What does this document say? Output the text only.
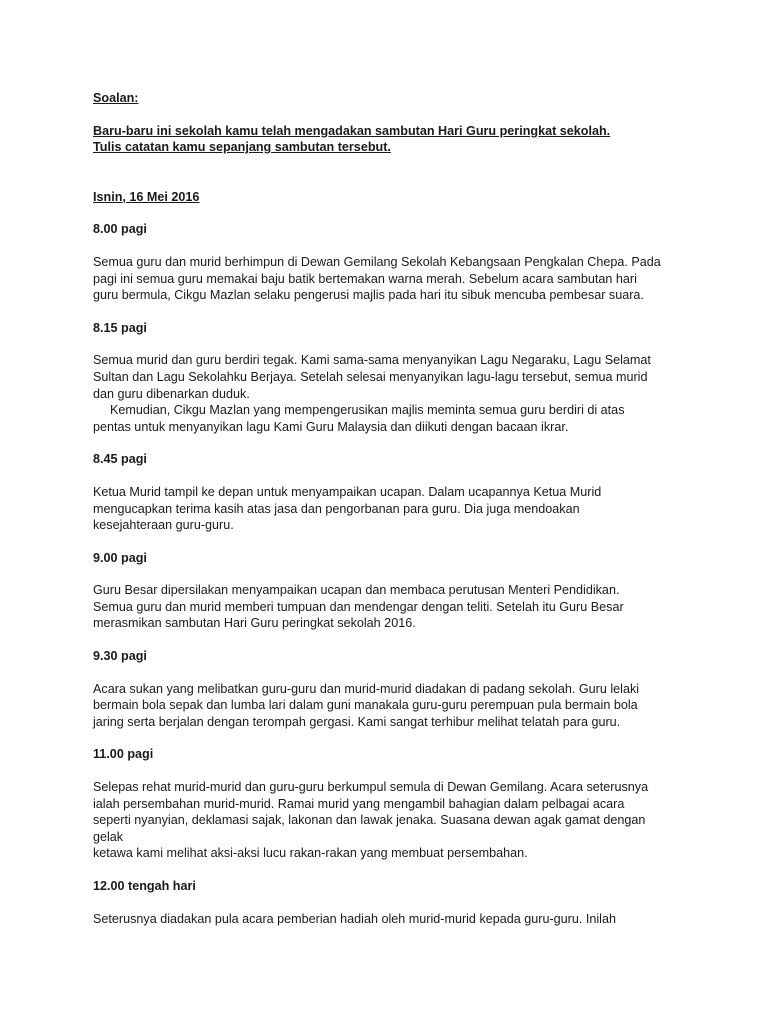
Soalan:

Baru-baru ini sekolah kamu telah mengadakan sambutan Hari Guru peringkat sekolah.

Tulis catatan kamu sepanjang sambutan tersebut.

Isnin, 16 Mei 2016

8.00 pagi

Semua guru dan murid berhimpun di Dewan Gemilang Sekolah Kebangsaan Pengkalan Chepa. Pada
pagi ini semua guru memakai baju batik bertemakan warna merah. Sebelum acara sambutan hari
guru bermula, Cikgu Mazlan selaku pengerusi majlis pada hari itu sibuk mencuba pembesar suara.

8.15 pagi

Semua murid dan guru berdiri tegak. Kami sama-sama menyanyikan Lagu Negaraku, Lagu Selamat
Sultan dan Lagu Sekolahku Berjaya. Setelah selesai menyanyikan lagu-lagu tersebut, semua murid
dan guru dibenarkan duduk.
Kemudian, Cikgu Mazlan yang mempengerusikan majlis meminta semua guru berdiri di atas
pentas untuk menyanyikan lagu Kami Guru Malaysia dan diikuti dengan bacaan ikrar.

8.45 pagi

Ketua Murid tampil ke depan untuk menyampaikan ucapan. Dalam ucapannya Ketua Murid
mengucapkan terima kasih atas jasa dan pengorbanan para guru. Dia juga mendoakan
kesejahteraan guru-guru.

9.00 pagi

Guru Besar dipersilakan menyampaikan ucapan dan membaca perutusan Menteri Pendidikan.
Semua guru dan murid memberi tumpuan dan mendengar dengan teliti. Setelah itu Guru Besar
merasmikan sambutan Hari Guru peringkat sekolah 2016.

9.30 pagi

Acara sukan yang melibatkan guru-guru dan murid-murid diadakan di padang sekolah. Guru lelaki
bermain bola sepak dan lumba lari dalam guni manakala guru-guru perempuan pula bermain bola
jaring serta berjalan dengan terompah gergasi. Kami sangat terhibur melihat telatah para guru.

11.00 pagi

Selepas rehat murid-murid dan guru-guru berkumpul semula di Dewan Gemilang. Acara seterusnya
ialah persembahan murid-murid. Ramai murid yang mengambil bahagian dalam pelbagai acara
seperti nyanyian, deklamasi sajak, lakonan dan lawak jenaka. Suasana dewan agak gamat dengan
gelak
ketawa kami melihat aksi-aksi lucu rakan-rakan yang membuat persembahan.

12.00 tengah hari

Seterusnya diadakan pula acara pemberian hadiah oleh murid-murid kepada guru-guru. Inilah
